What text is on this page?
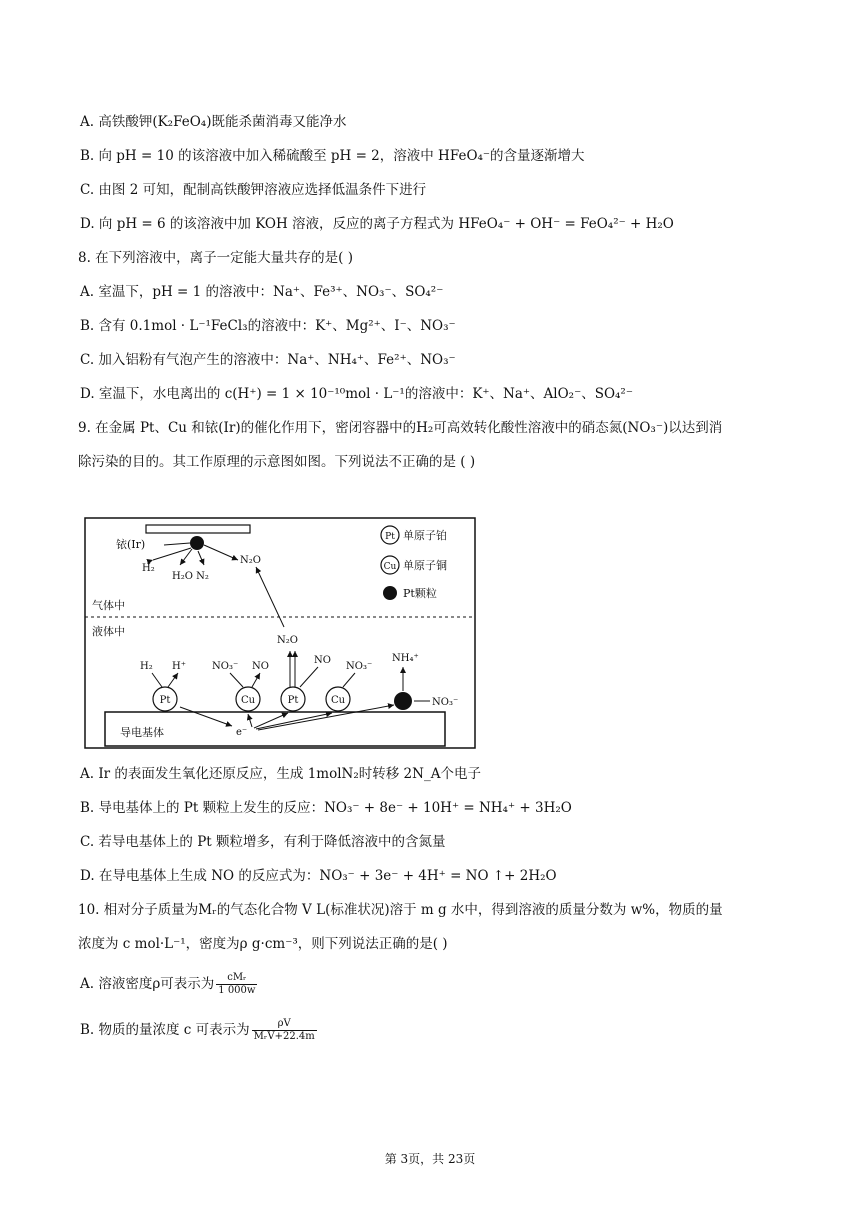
A. 高铁酸钾(K₂FeO₄)既能杀菌消毒又能净水
B. 向 pH = 10 的该溶液中加入稀硫酸至 pH = 2，溶液中 HFeO₄⁻的含量逐渐增大
C. 由图 2 可知，配制高铁酸钾溶液应选择低温条件下进行
D. 向 pH = 6 的该溶液中加 KOH 溶液，反应的离子方程式为 HFeO₄⁻ + OH⁻ = FeO₄²⁻ + H₂O
8. 在下列溶液中，离子一定能大量共存的是( )
A. 室温下，pH = 1 的溶液中：Na⁺、Fe³⁺、NO₃⁻、SO₄²⁻
B. 含有 0.1mol · L⁻¹FeCl₃的溶液中：K⁺、Mg²⁺、I⁻、NO₃⁻
C. 加入铝粉有气泡产生的溶液中：Na⁺、NH₄⁺、Fe²⁺、NO₃⁻
D. 室温下，水电离出的 c(H⁺) = 1 × 10⁻¹⁰mol · L⁻¹的溶液中：K⁺、Na⁺、AlO₂⁻、SO₄²⁻
9. 在金属 Pt、Cu 和铱(Ir)的催化作用下，密闭容器中的H₂可高效转化酸性溶液中的硝态氮(NO₃⁻)以达到消
除污染的目的。其工作原理的示意图如图。下列说法不正确的是 ( )
铱(Ir)
H₂
H₂O N₂
N₂O
Pt 单原子铂
Cu 单原子铜
Pt颗粒
气体中
液体中
N₂O
导电基体
Pt
H₂ H⁺
Cu
NO₃⁻ NO
Pt
NO
Cu
NO₃⁻
NH₄⁺
NO₃⁻
e⁻
A. Ir 的表面发生氧化还原反应，生成 1molN₂时转移 2N_A个电子
B. 导电基体上的 Pt 颗粒上发生的反应：NO₃⁻ + 8e⁻ + 10H⁺ = NH₄⁺ + 3H₂O
C. 若导电基体上的 Pt 颗粒增多，有利于降低溶液中的含氮量
D. 在导电基体上生成 NO 的反应式为：NO₃⁻ + 3e⁻ + 4H⁺ = NO ↑+ 2H₂O
10. 相对分子质量为Mᵣ的气态化合物 V L(标准状况)溶于 m g 水中，得到溶液的质量分数为 w%，物质的量
浓度为 c mol·L⁻¹，密度为ρ g·cm⁻³，则下列说法正确的是( )
A. 溶液密度ρ可表示为 $\frac{\text{cMᵣ}}{1 000w}$
B. 物质的量浓度 c 可表示为 $\frac{\rho V}{\text{MᵣV+22.4m}}$
第 3页，共 23页
